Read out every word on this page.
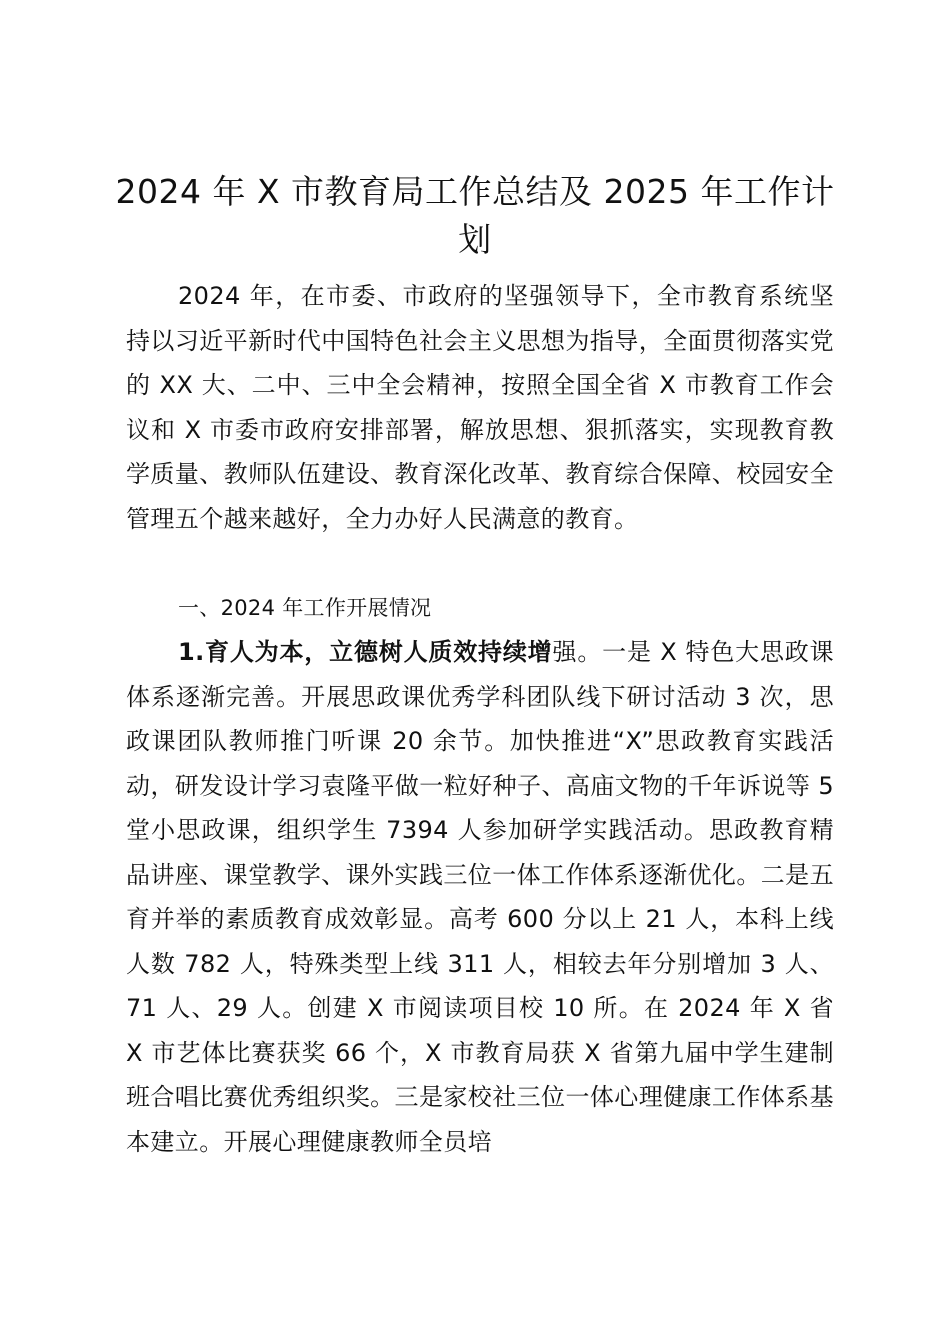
2024 年 X 市教育局工作总结及 2025 年工作计划

2024 年，在市委、市政府的坚强领导下，全市教育系统坚持以习近平新时代中国特色社会主义思想为指导，全面贯彻落实党的 XX 大、二中、三中全会精神，按照全国全省 X 市教育工作会议和 X 市委市政府安排部署，解放思想、狠抓落实，实现教育教学质量、教师队伍建设、教育深化改革、教育综合保障、校园安全管理五个越来越好，全力办好人民满意的教育。

一、2024 年工作开展情况

1.育人为本，立德树人质效持续增强。一是 X 特色大思政课体系逐渐完善。开展思政课优秀学科团队线下研讨活动 3 次，思政课团队教师推门听课 20 余节。加快推进“X”思政教育实践活动，研发设计学习袁隆平做一粒好种子、高庙文物的千年诉说等 5 堂小思政课，组织学生 7394 人参加研学实践活动。思政教育精品讲座、课堂教学、课外实践三位一体工作体系逐渐优化。二是五育并举的素质教育成效彰显。高考 600 分以上 21 人，本科上线人数 782 人，特殊类型上线 311 人，相较去年分别增加 3 人、71 人、29 人。创建 X 市阅读项目校 10 所。在 2024 年 X 省 X 市艺体比赛获奖 66 个，X 市教育局获 X 省第九届中学生建制班合唱比赛优秀组织奖。三是家校社三位一体心理健康工作体系基本建立。开展心理健康教师全员培
